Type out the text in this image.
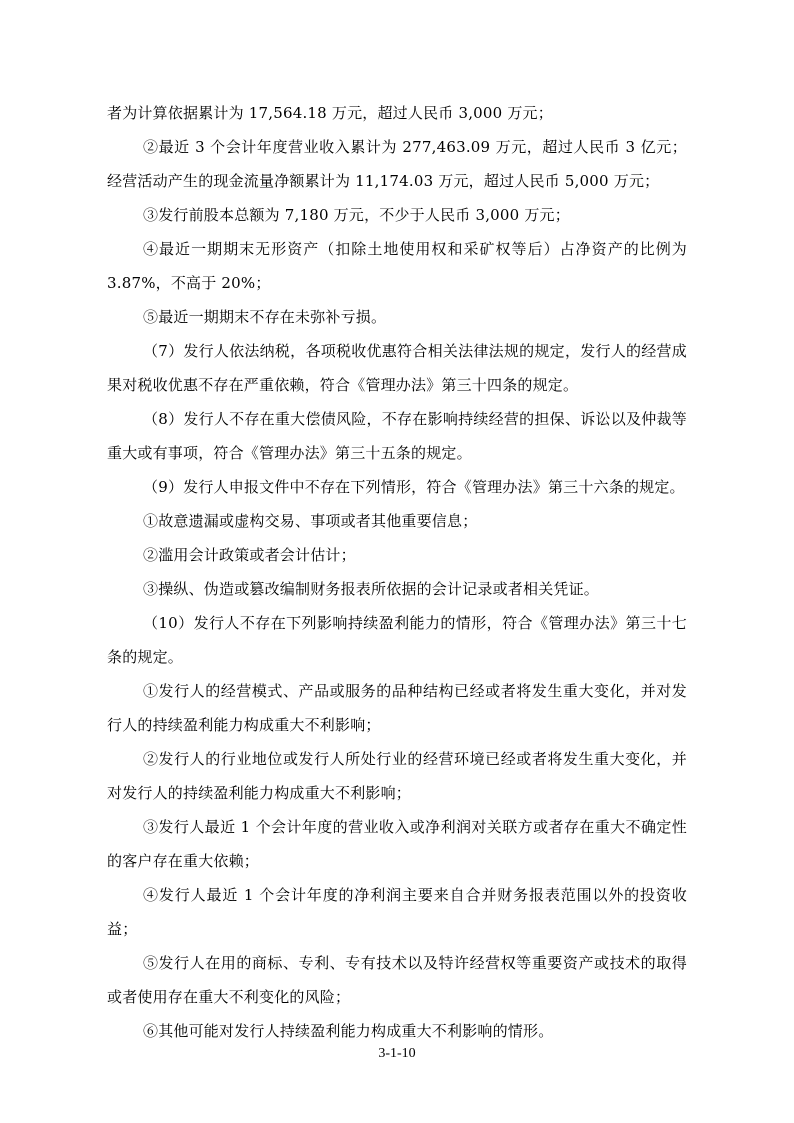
者为计算依据累计为 17,564.18 万元，超过人民币 3,000 万元；

②最近 3 个会计年度营业收入累计为 277,463.09 万元，超过人民币 3 亿元；经营活动产生的现金流量净额累计为 11,174.03 万元，超过人民币 5,000 万元；

③发行前股本总额为 7,180 万元，不少于人民币 3,000 万元；

④最近一期期末无形资产（扣除土地使用权和采矿权等后）占净资产的比例为 3.87%，不高于 20%；

⑤最近一期期末不存在未弥补亏损。

（7）发行人依法纳税，各项税收优惠符合相关法律法规的规定，发行人的经营成果对税收优惠不存在严重依赖，符合《管理办法》第三十四条的规定。

（8）发行人不存在重大偿债风险，不存在影响持续经营的担保、诉讼以及仲裁等重大或有事项，符合《管理办法》第三十五条的规定。

（9）发行人申报文件中不存在下列情形，符合《管理办法》第三十六条的规定。

①故意遗漏或虚构交易、事项或者其他重要信息；

②滥用会计政策或者会计估计；

③操纵、伪造或篡改编制财务报表所依据的会计记录或者相关凭证。

（10）发行人不存在下列影响持续盈利能力的情形，符合《管理办法》第三十七条的规定。

①发行人的经营模式、产品或服务的品种结构已经或者将发生重大变化，并对发行人的持续盈利能力构成重大不利影响；

②发行人的行业地位或发行人所处行业的经营环境已经或者将发生重大变化，并对发行人的持续盈利能力构成重大不利影响；

③发行人最近 1 个会计年度的营业收入或净利润对关联方或者存在重大不确定性的客户存在重大依赖；

④发行人最近 1 个会计年度的净利润主要来自合并财务报表范围以外的投资收益；

⑤发行人在用的商标、专利、专有技术以及特许经营权等重要资产或技术的取得或者使用存在重大不利变化的风险；

⑥其他可能对发行人持续盈利能力构成重大不利影响的情形。

3-1-10
